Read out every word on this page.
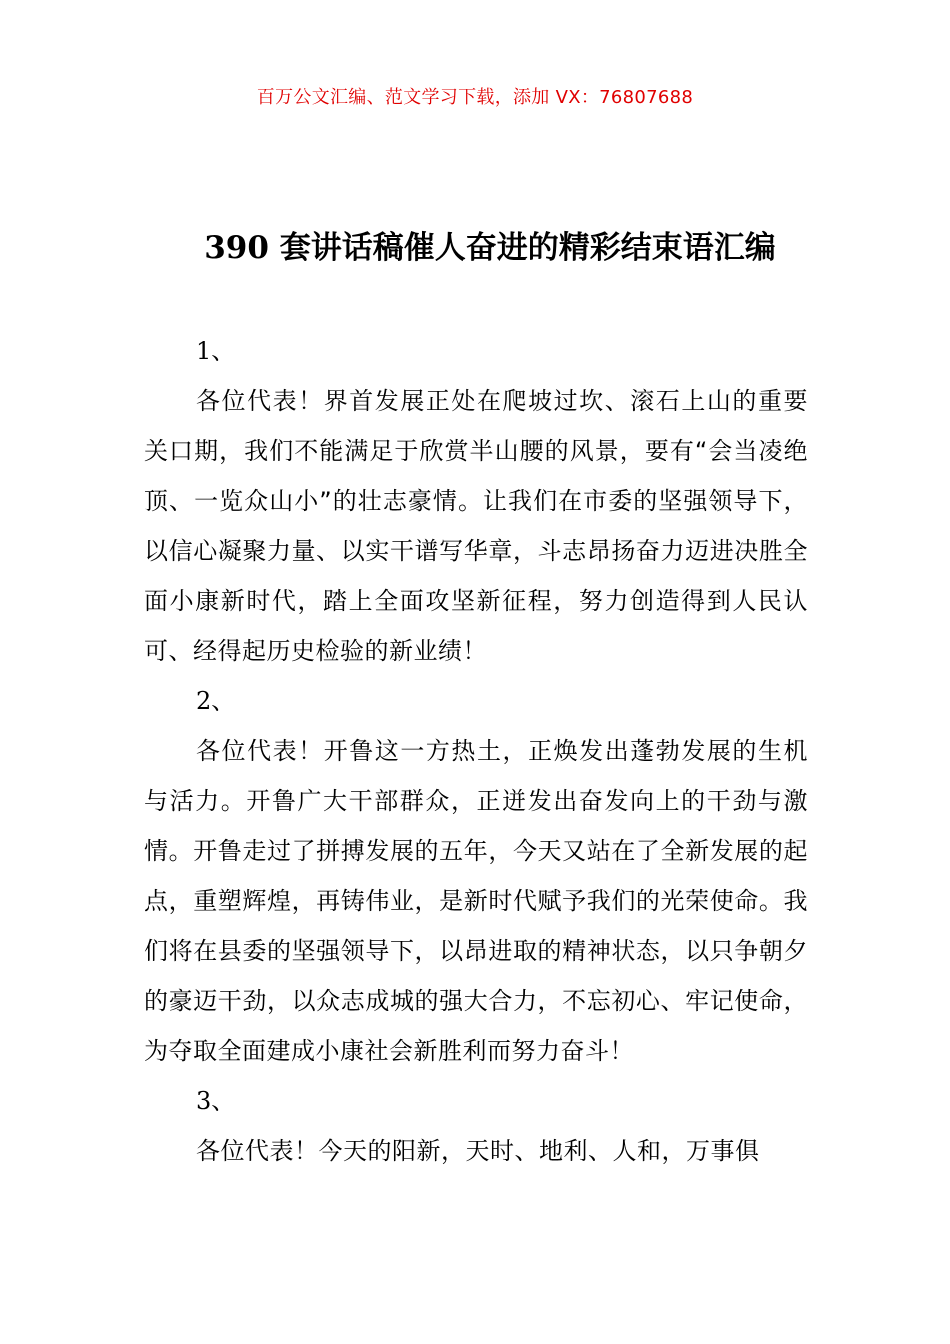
百万公文汇编、范文学习下载，添加 VX：76807688
390 套讲话稿催人奋进的精彩结束语汇编

1、

各位代表！界首发展正处在爬坡过坎、滚石上山的重要关口期，我们不能满足于欣赏半山腰的风景，要有“会当凌绝顶、一览众山小”的壮志豪情。让我们在市委的坚强领导下，以信心凝聚力量、以实干谱写华章，斗志昂扬奋力迈进决胜全面小康新时代，踏上全面攻坚新征程，努力创造得到人民认可、经得起历史检验的新业绩！

2、

各位代表！开鲁这一方热土，正焕发出蓬勃发展的生机与活力。开鲁广大干部群众，正迸发出奋发向上的干劲与激情。开鲁走过了拼搏发展的五年，今天又站在了全新发展的起点，重塑辉煌，再铸伟业，是新时代赋予我们的光荣使命。我们将在县委的坚强领导下，以昂进取的精神状态，以只争朝夕的豪迈干劲，以众志成城的强大合力，不忘初心、牢记使命，为夺取全面建成小康社会新胜利而努力奋斗！

3、

各位代表！今天的阳新，天时、地利、人和，万事俱
